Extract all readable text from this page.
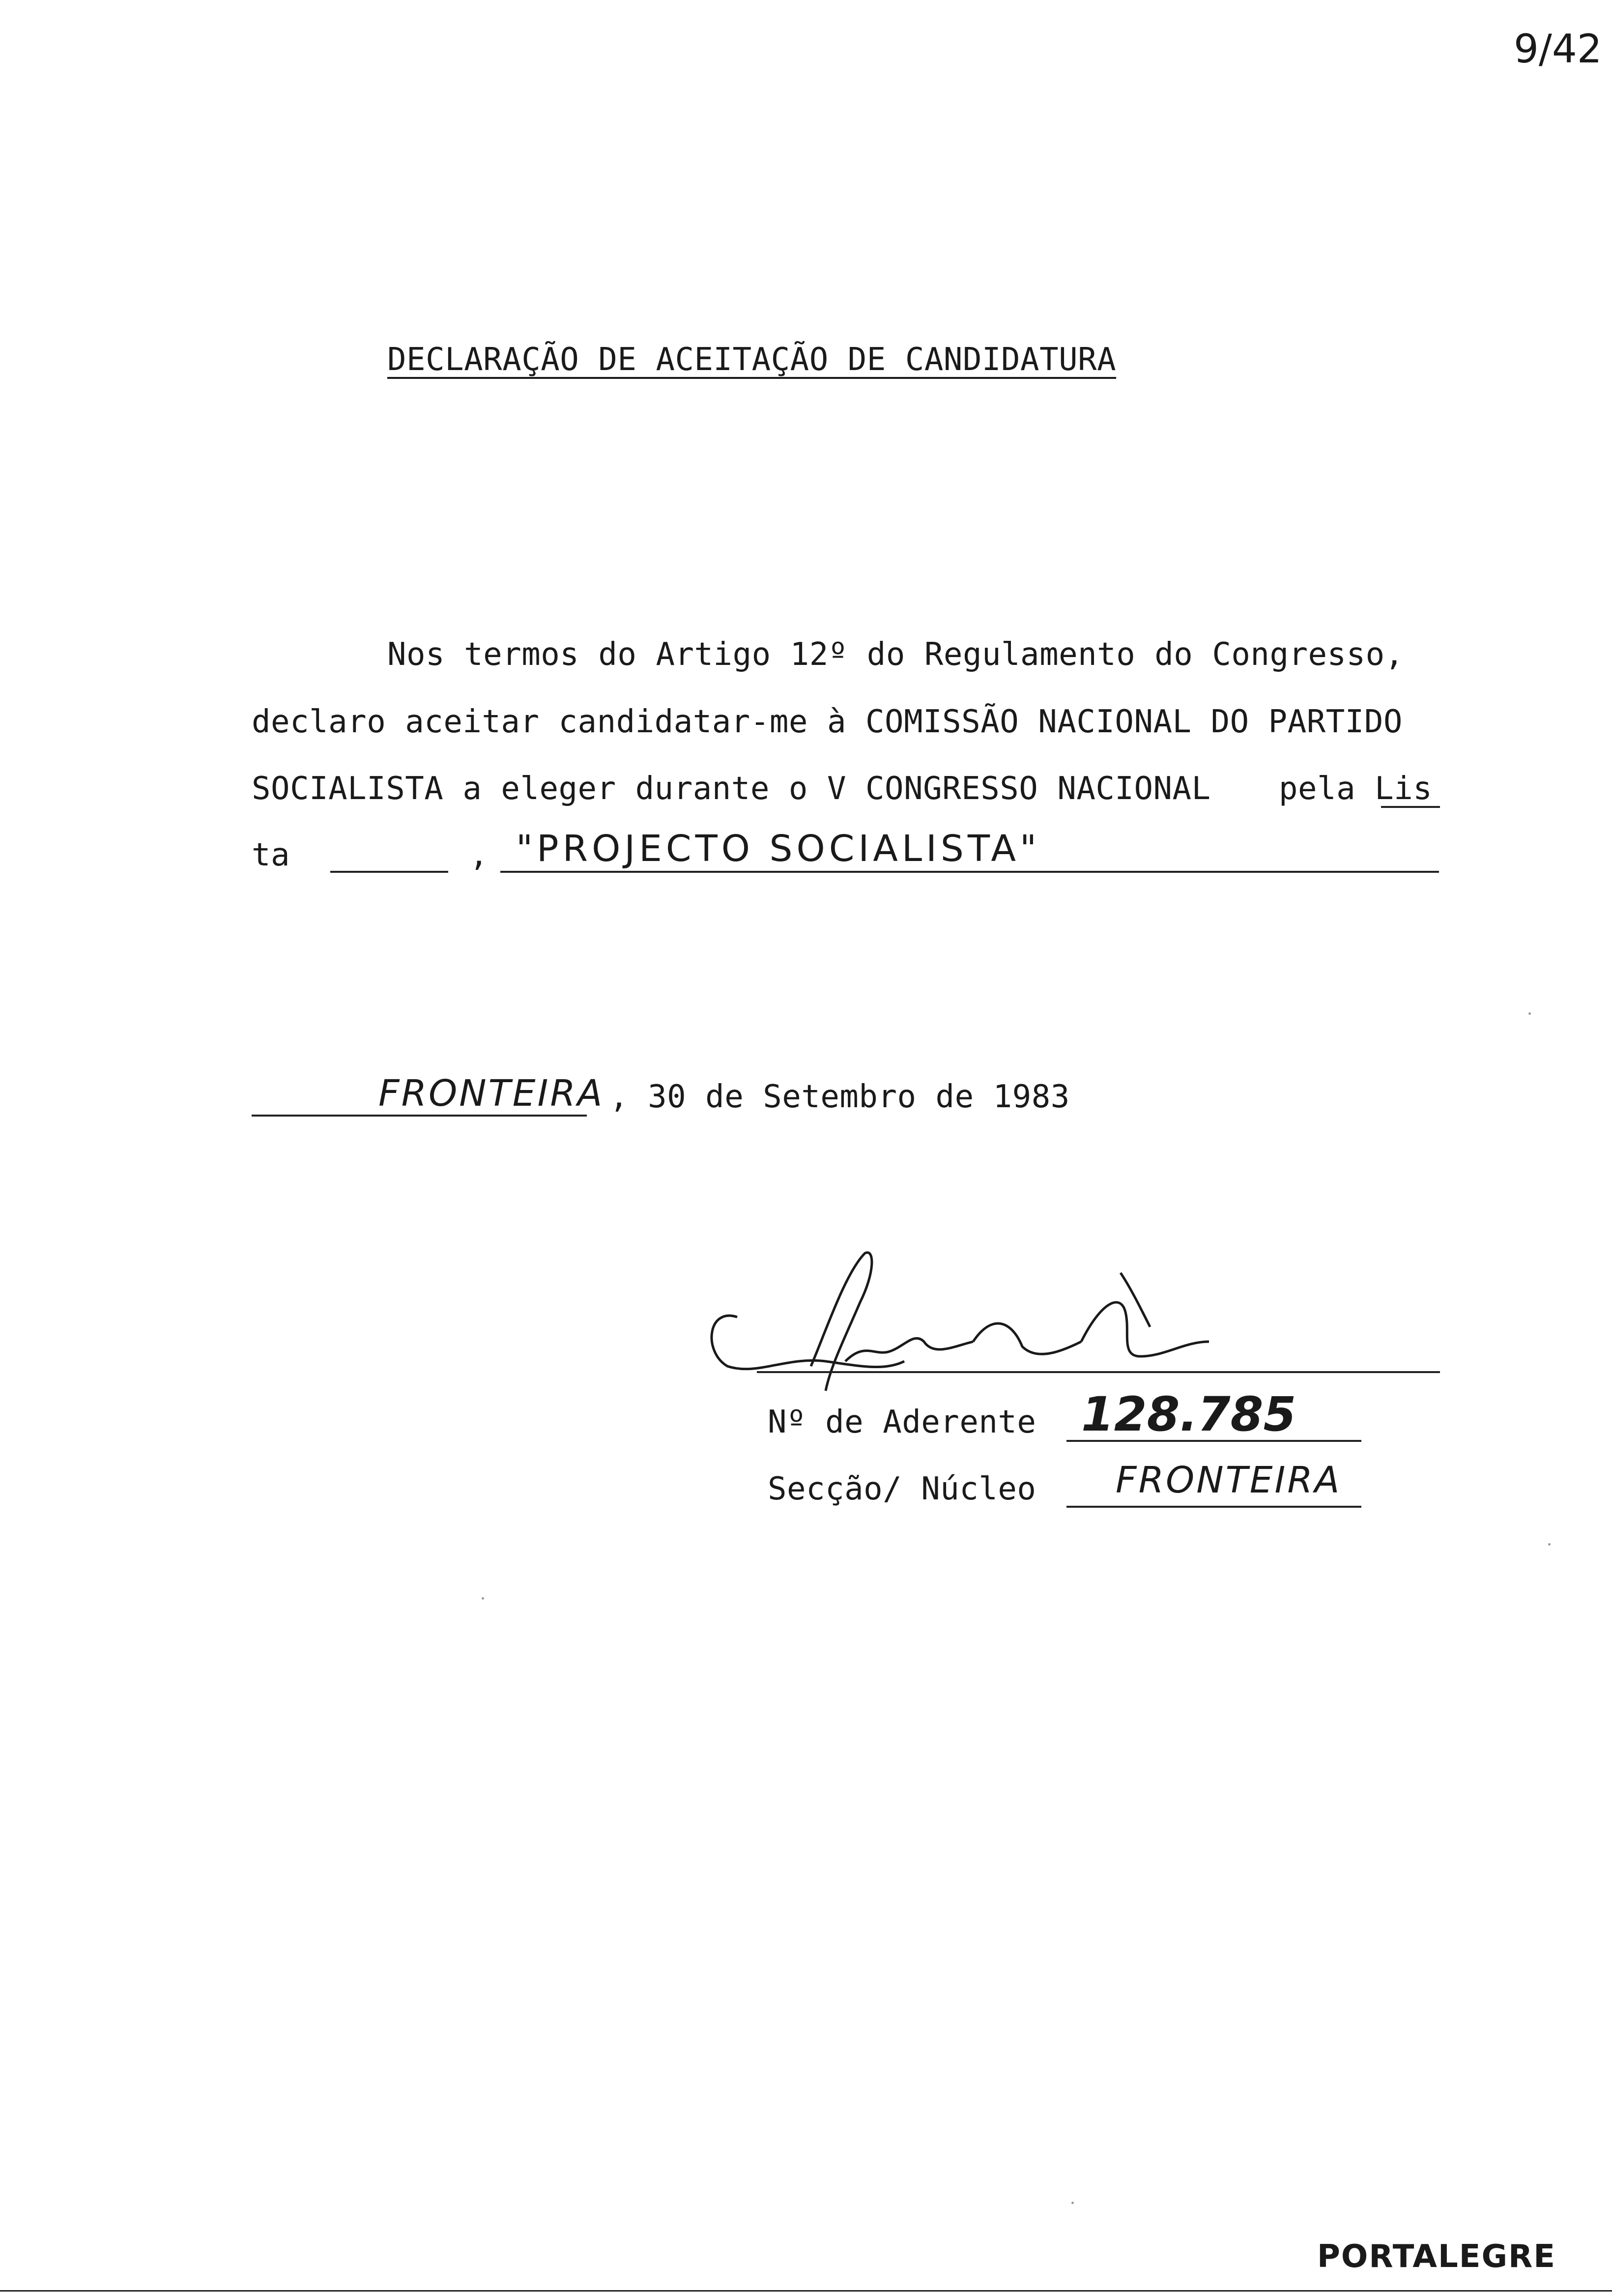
9/42
DECLARAÇÃO DE ACEITAÇÃO DE CANDIDATURA
Nos termos do Artigo 12º do Regulamento do Congresso,
declaro aceitar candidatar-me à COMISSÃO NACIONAL DO PARTIDO
SOCIALISTA a eleger durante o V CONGRESSO NACIONAL pela Lis
ta	, "PROJECTO SOCIALISTA"
FRONTEIRA , 30 de Setembro de 1983
Nº de Aderente 128.785
Secção/ Núcleo FRONTEIRA
PORTALEGRE
